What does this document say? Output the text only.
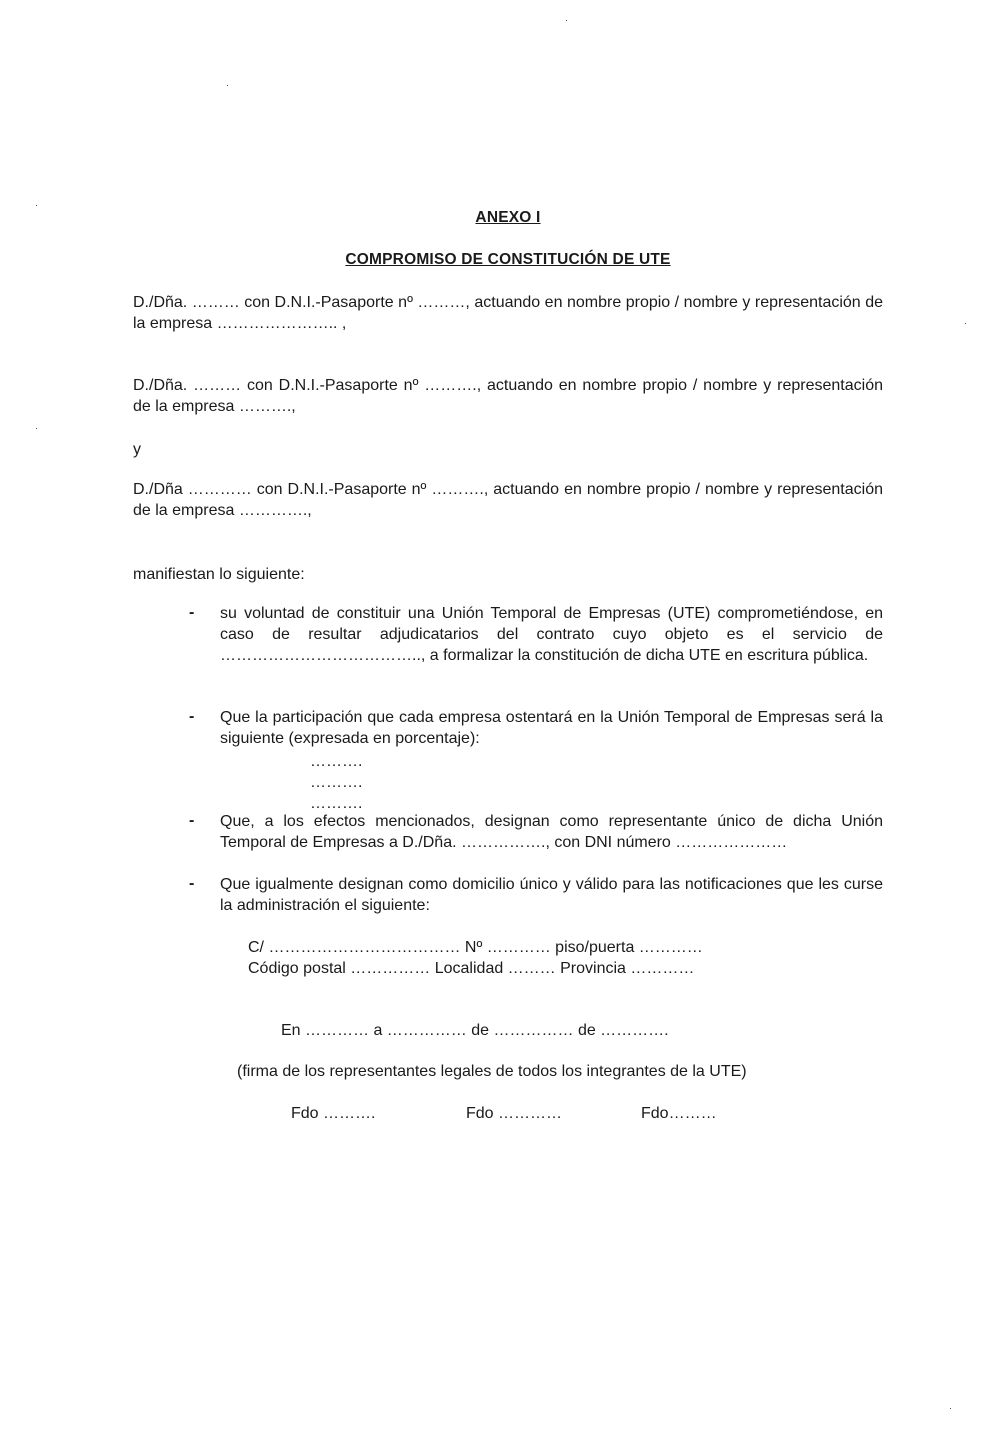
ANEXO I
COMPROMISO DE CONSTITUCIÓN DE UTE
D./Dña. ……… con D.N.I.-Pasaporte nº ………, actuando en nombre propio / nombre y representación de la empresa ………………….. ,
D./Dña. ……… con D.N.I.-Pasaporte nº ………., actuando en nombre propio / nombre y representación de la empresa ……….,
y
D./Dña ………… con D.N.I.-Pasaporte nº ………., actuando en nombre propio / nombre y representación de la empresa ………….,
manifiestan lo siguiente:
- su voluntad de constituir una Unión Temporal de Empresas (UTE) comprometiéndose, en caso de resultar adjudicatarios del contrato cuyo objeto es el servicio de ……………………………….., a formalizar la constitución de dicha UTE en escritura pública.
- Que la participación que cada empresa ostentará en la Unión Temporal de Empresas será la siguiente (expresada en porcentaje):
……….
……….
……….
- Que, a los efectos mencionados, designan como representante único de dicha Unión Temporal de Empresas a D./Dña. ……………., con DNI número …………………
- Que igualmente designan como domicilio único y válido para las notificaciones que les curse la administración el siguiente:
C/ ……………………………… Nº ………… piso/puerta …………
Código postal …………… Localidad ……… Provincia …………
En ………… a …………… de …………… de ………….
(firma de los representantes legales de todos los integrantes de la UTE)
Fdo ……….	Fdo …………	Fdo………
